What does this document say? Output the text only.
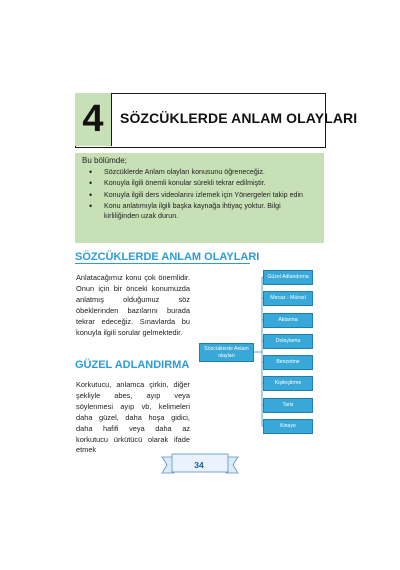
4	SÖZCÜKLERDE ANLAM OLAYLARI
Bu bölümde;
• Sözcüklerde Anlam olayları konusunu öğreneceğiz.
• Konuyla ilgili önemli konular sürekli tekrar edilmiştir.
• Konuyla ilgili ders videolarını izlemek için Yönergeleri takip edin
• Konu anlatımıyla ilgili başka kaynağa ihtiyaç yoktur. Bilgi kirliliğinden uzak durun.
SÖZCÜKLERDE ANLAM OLAYLARI
Anlatacağımız konu çok önemlidir. Onun için bir önceki konumuzda anlatmış olduğumuz söz öbeklerinden bazılarını burada tekrar edeceğiz. Sınavlarda bu konuyla ilgili sorular gelmektedir.
GÜZEL ADLANDIRMA
Korkutucu, anlamca çirkin, diğer şekliyle abes, ayıp veya söylenmesi ayıp vb, kelimeleri daha güzel, daha hoşa gidici, daha hafifi veya daha az korkutucu ürkütücü olarak ifade etmek
Sözcüklerde Anlam olayları
Güzel Adlandırma
Mecaz - Mürsel
Aktarma
Dolaylama
Benzetme
Kişileştirme
Tariz
Kinaye
34
